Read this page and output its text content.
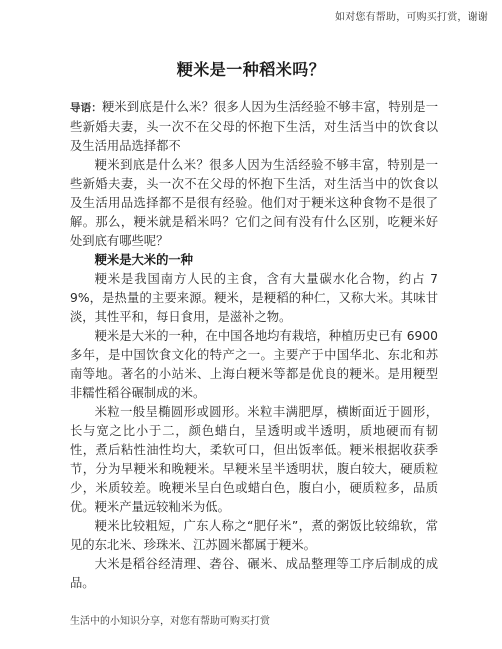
如对您有帮助，可购买打赏，谢谢
粳米是一种稻米吗？

导语：粳米到底是什么米？很多人因为生活经验不够丰富，特别是一些新婚夫妻，头一次不在父母的怀抱下生活，对生活当中的饮食以及生活用品选择都不

粳米到底是什么米？很多人因为生活经验不够丰富，特别是一些新婚夫妻，头一次不在父母的怀抱下生活，对生活当中的饮食以及生活用品选择都不是很有经验。他们对于粳米这种食物不是很了解。那么，粳米就是稻米吗？它们之间有没有什么区别，吃粳米好处到底有哪些呢？

粳米是大米的一种

粳米是我国南方人民的主食，含有大量碳水化合物，约占 79%，是热量的主要来源。粳米，是粳稻的种仁，又称大米。其味甘淡，其性平和，每日食用，是滋补之物。

粳米是大米的一种，在中国各地均有栽培，种植历史已有 6900 多年，是中国饮食文化的特产之一。主要产于中国华北、东北和苏南等地。著名的小站米、上海白粳米等都是优良的粳米。是用粳型非糯性稻谷碾制成的米。

米粒一般呈椭圆形或圆形。米粒丰满肥厚，横断面近于圆形，长与宽之比小于二，颜色蜡白，呈透明或半透明，质地硬而有韧性，煮后粘性油性均大，柔软可口，但出饭率低。粳米根据收获季节，分为早粳米和晚粳米。早粳米呈半透明状，腹白较大，硬质粒少，米质较差。晚粳米呈白色或蜡白色，腹白小，硬质粒多，品质优。粳米产量远较籼米为低。

粳米比较粗短，广东人称之“肥仔米”，煮的粥饭比较绵软，常见的东北米、珍珠米、江苏圆米都属于粳米。

大米是稻谷经清理、砻谷、碾米、成品整理等工序后制成的成品。

生活中的小知识分享，对您有帮助可购买打赏
